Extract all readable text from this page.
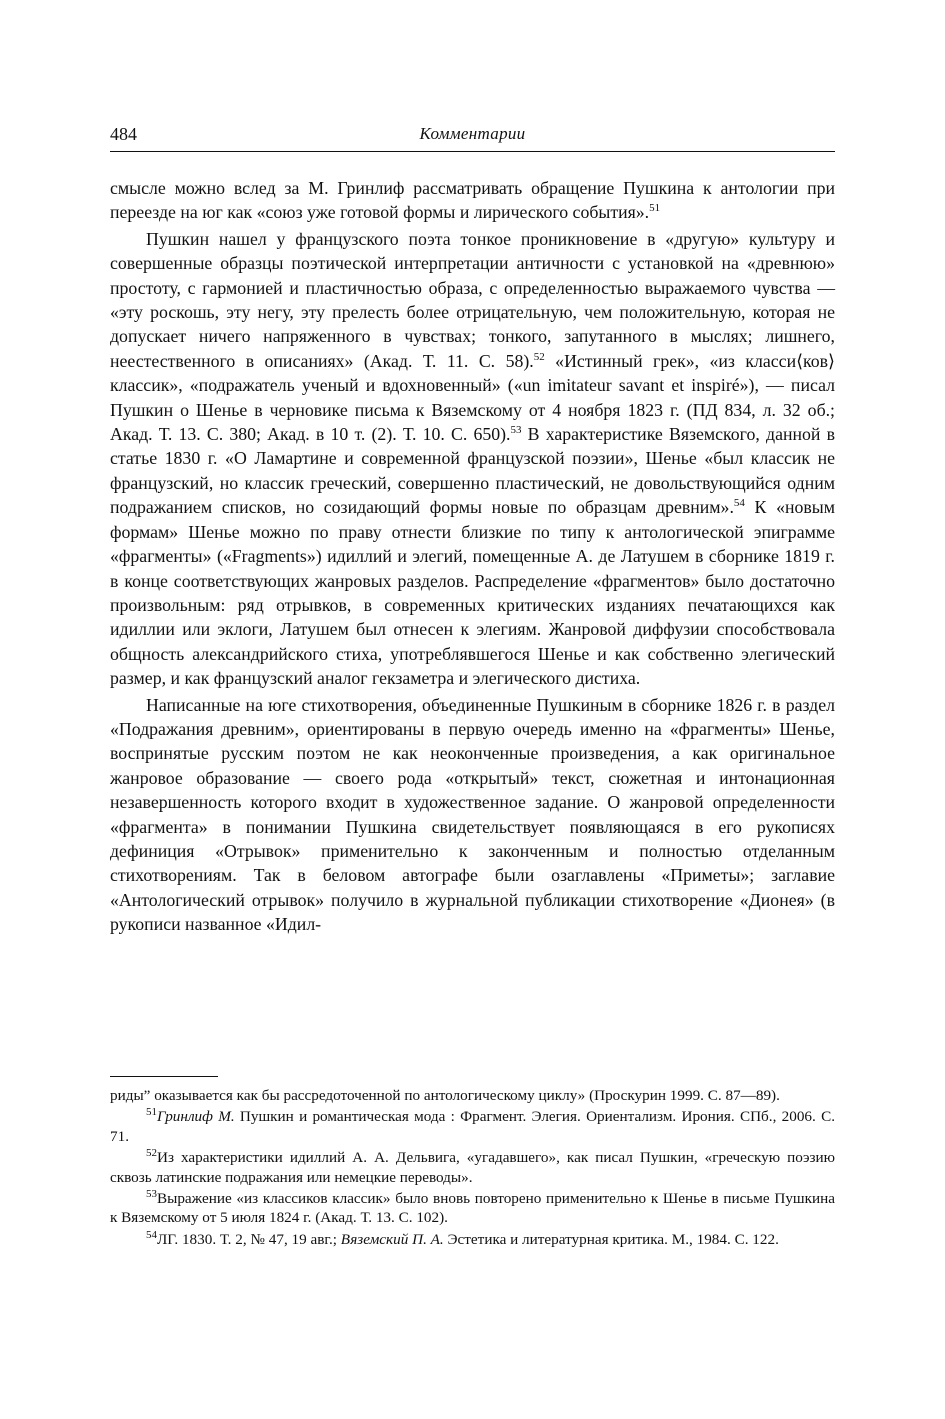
484	Комментарии

смысле можно вслед за М. Гринлиф рассматривать обращение Пушкина к антологии при переезде на юг как «союз уже готовой формы и лирического события».$^{51}$

Пушкин нашел у французского поэта тонкое проникновение в «другую» культуру и совершенные образцы поэтической интерпретации античности с установкой на «древнюю» простоту, с гармонией и пластичностью образа, с определенностью выражаемого чувства — «эту роскошь, эту негу, эту прелесть более отрицательную, чем положительную, которая не допускает ничего напряженного в чувствах; тонкого, запутанного в мыслях; лишнего, неестественного в описаниях» (Акад. Т. 11. С. 58).$^{52}$ «Истинный грек», «из класси⟨ков⟩ классик», «подражатель ученый и вдохновенный» («un imitateur savant et inspiré»), — писал Пушкин о Шенье в черновике письма к Вяземскому от 4 ноября 1823 г. (ПД 834, л. 32 об.; Акад. Т. 13. С. 380; Акад. в 10 т. (2). Т. 10. С. 650).$^{53}$ В характеристике Вяземского, данной в статье 1830 г. «О Ламартине и современной французской поэзии», Шенье «был классик не французский, но классик греческий, совершенно пластический, не довольствующийся одним подражанием списков, но созидающий формы новые по образцам древним».$^{54}$ К «новым формам» Шенье можно по праву отнести близкие по типу к антологической эпиграмме «фрагменты» («Fragments») идиллий и элегий, помещенные А. де Латушем в сборнике 1819 г. в конце соответствующих жанровых разделов. Распределение «фрагментов» было достаточно произвольным: ряд отрывков, в современных критических изданиях печатающихся как идиллии или эклоги, Латушем был отнесен к элегиям. Жанровой диффузии способствовала общность александрийского стиха, употреблявшегося Шенье и как собственно элегический размер, и как французский аналог гекзаметра и элегического дистиха.

Написанные на юге стихотворения, объединенные Пушкиным в сборнике 1826 г. в раздел «Подражания древним», ориентированы в первую очередь именно на «фрагменты» Шенье, воспринятые русским поэтом не как неоконченные произведения, а как оригинальное жанровое образование — своего рода «открытый» текст, сюжетная и интонационная незавершенность которого входит в художественное задание. О жанровой определенности «фрагмента» в понимании Пушкина свидетельствует появляющаяся в его рукописях дефиниция «Отрывок» применительно к законченным и полностью отделанным стихотворениям. Так в беловом автографе были озаглавлены «Приметы»; заглавие «Антологический отрывок» получило в журнальной публикации стихотворение «Дионея» (в рукописи названное «Идил-

риды” оказывается как бы рассредоточенной по антологическому циклу» (Проскурин 1999. С. 87—89).

$^{51}$Гринлиф М. Пушкин и романтическая мода : Фрагмент. Элегия. Ориентализм. Ирония. СПб., 2006. С. 71.

$^{52}$Из характеристики идиллий А. А. Дельвига, «угадавшего», как писал Пушкин, «греческую поэзию сквозь латинские подражания или немецкие переводы».

$^{53}$Выражение «из классиков классик» было вновь повторено применительно к Шенье в письме Пушкина к Вяземскому от 5 июля 1824 г. (Акад. Т. 13. С. 102).

$^{54}$ЛГ. 1830. Т. 2, № 47, 19 авг.; Вяземский П. А. Эстетика и литературная критика. М., 1984. С. 122.
